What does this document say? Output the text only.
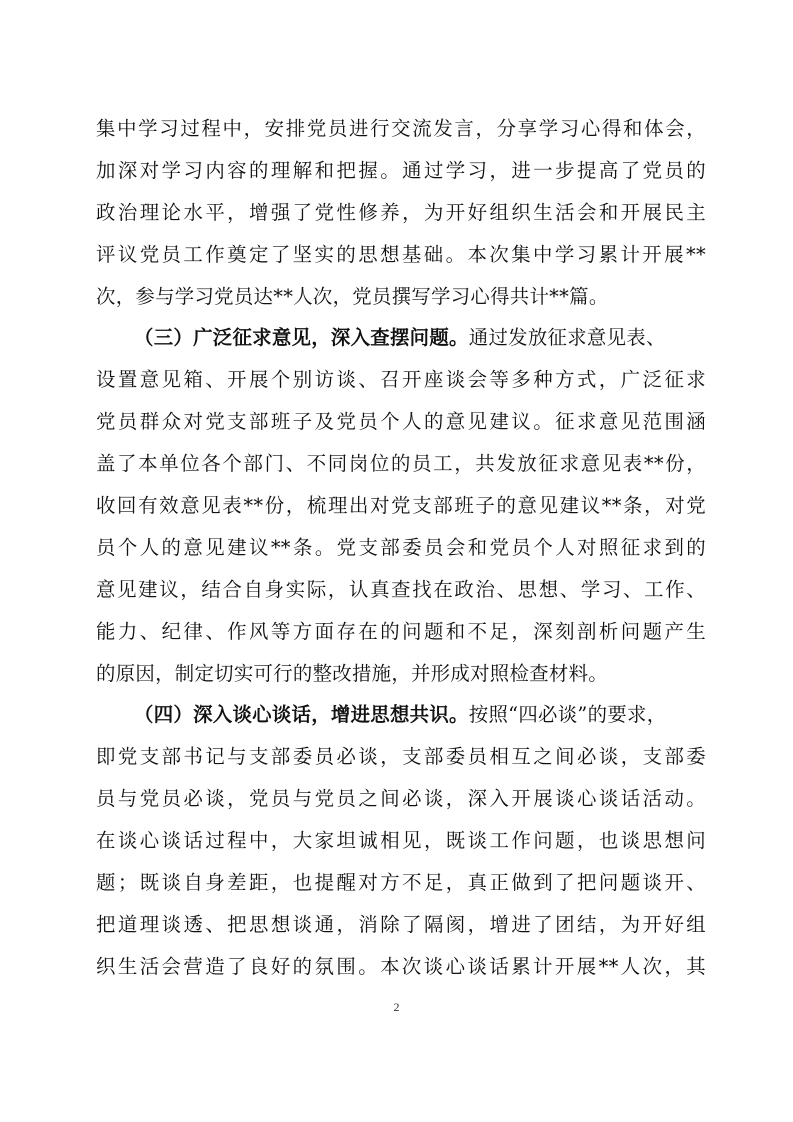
集中学习过程中，安排党员进行交流发言，分享学习心得和体会，
加深对学习内容的理解和把握。通过学习，进一步提高了党员的
政治理论水平，增强了党性修养，为开好组织生活会和开展民主
评议党员工作奠定了坚实的思想基础。本次集中学习累计开展**
次，参与学习党员达**人次，党员撰写学习心得共计**篇。
（三）广泛征求意见，深入查摆问题。通过发放征求意见表、
设置意见箱、开展个别访谈、召开座谈会等多种方式，广泛征求
党员群众对党支部班子及党员个人的意见建议。征求意见范围涵
盖了本单位各个部门、不同岗位的员工，共发放征求意见表**份，
收回有效意见表**份，梳理出对党支部班子的意见建议**条，对党
员个人的意见建议**条。党支部委员会和党员个人对照征求到的
意见建议，结合自身实际，认真查找在政治、思想、学习、工作、
能力、纪律、作风等方面存在的问题和不足，深刻剖析问题产生
的原因，制定切实可行的整改措施，并形成对照检查材料。
（四）深入谈心谈话，增进思想共识。按照“四必谈”的要求，
即党支部书记与支部委员必谈，支部委员相互之间必谈，支部委
员与党员必谈，党员与党员之间必谈，深入开展谈心谈话活动。
在谈心谈话过程中，大家坦诚相见，既谈工作问题，也谈思想问
题；既谈自身差距，也提醒对方不足，真正做到了把问题谈开、
把道理谈透、把思想谈通，消除了隔阂，增进了团结，为开好组
织生活会营造了良好的氛围。本次谈心谈话累计开展**人次，其
2
